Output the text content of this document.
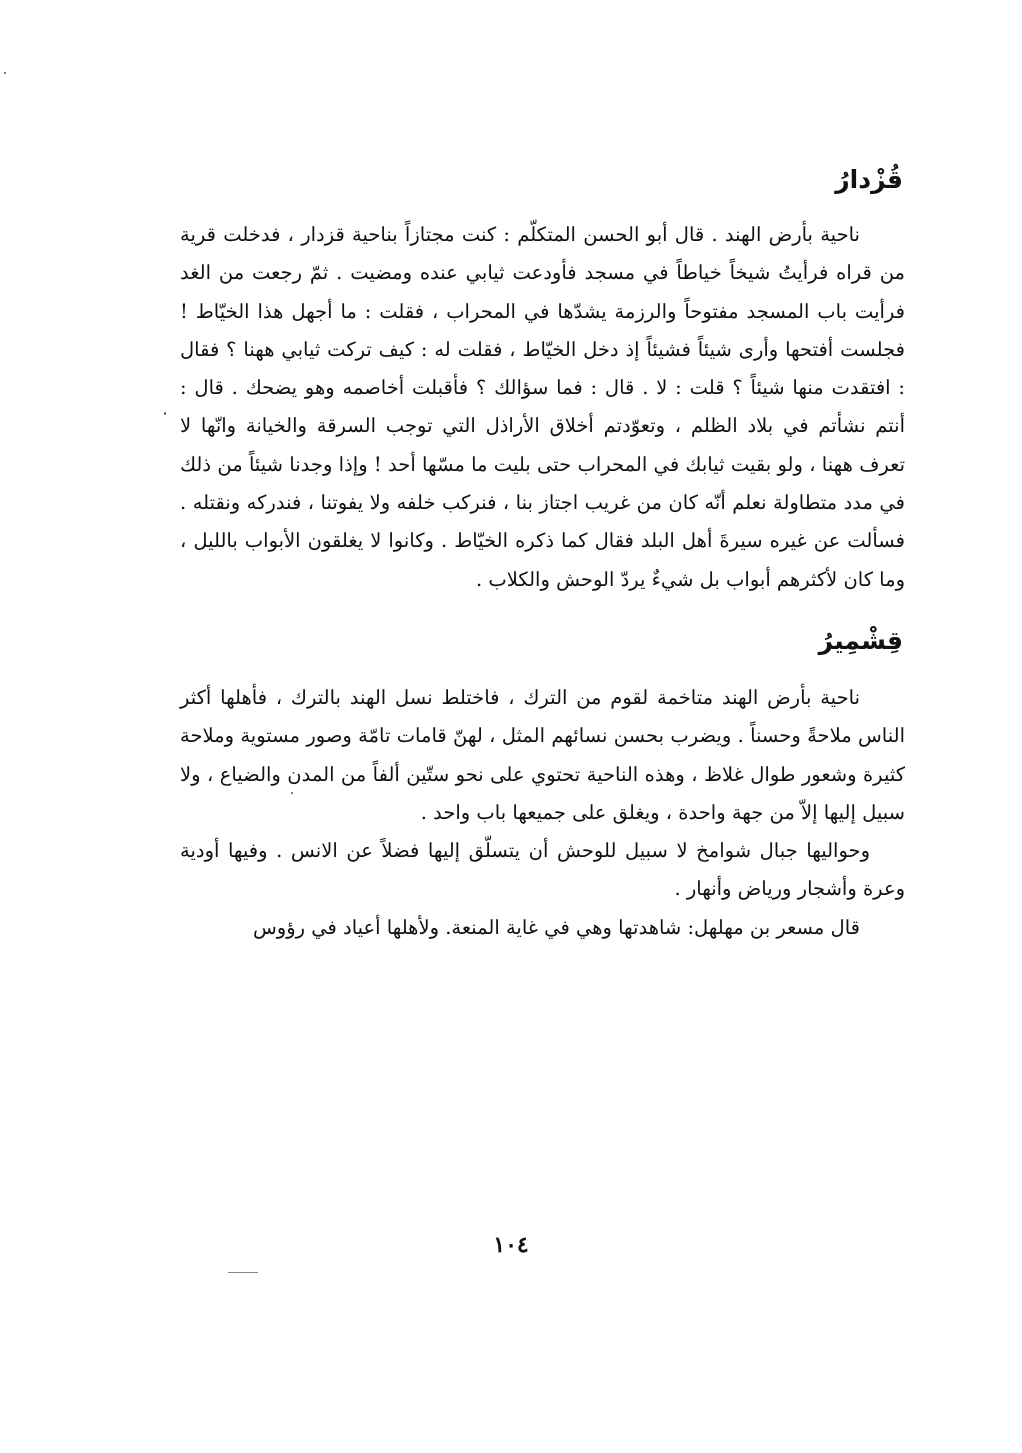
قُزْدارُ

ناحية بأرض الهند . قال أبو الحسن المتكلّم : كنت مجتازاً بناحية قزدار ، فدخلت قرية من قراه فرأيتُ شيخاً خياطاً في مسجد فأودعت ثيابي عنده ومضيت . ثمّ رجعت من الغد فرأيت باب المسجد مفتوحاً والرزمة يشدّها في المحراب ، فقلت : ما أجهل هذا الخيّاط ! فجلست أفتحها وأرى شيئاً فشيئاً إذ دخل الخيّاط ، فقلت له : كيف تركت ثيابي ههنا ؟ فقال : افتقدت منها شيئاً ؟ قلت : لا . قال : فما سؤالك ؟ فأقبلت أخاصمه وهو يضحك . قال : أنتم نشأتم في بلاد الظلم ، وتعوّدتم أخلاق الأراذل التي توجب السرقة والخيانة وانّها لا تعرف ههنا ، ولو بقيت ثيابك في المحراب حتى بليت ما مسّها أحد ! وإذا وجدنا شيئاً من ذلك في مدد متطاولة نعلم أنّه كان من غريب اجتاز بنا ، فنركب خلفه ولا يفوتنا ، فندركه ونقتله . فسألت عن غيره سيرةَ أهل البلد فقال كما ذكره الخيّاط . وكانوا لا يغلقون الأبواب بالليل ، وما كان لأكثرهم أبواب بل شيءٌ يردّ الوحش والكلاب .

قِشْمِيرُ

ناحية بأرض الهند متاخمة لقوم من الترك ، فاختلط نسل الهند بالترك ، فأهلها أكثر الناس ملاحةً وحسناً . ويضرب بحسن نسائهم المثل ، لهنّ قامات تامّة وصور مستوية وملاحة كثيرة وشعور طوال غلاظ ، وهذه الناحية تحتوي على نحو ستّين ألفاً من المدن والضياع ، ولا سبيل إليها إلاّ من جهة واحدة ، ويغلق على جميعها باب واحد .

وحواليها جبال شوامخ لا سبيل للوحش أن يتسلّق إليها فضلاً عن الانس . وفيها أودية وعرة وأشجار ورياض وأنهار .

قال مسعر بن مهلهل: شاهدتها وهي في غاية المنعة. ولأهلها أعياد في رؤوس

١٠٤
